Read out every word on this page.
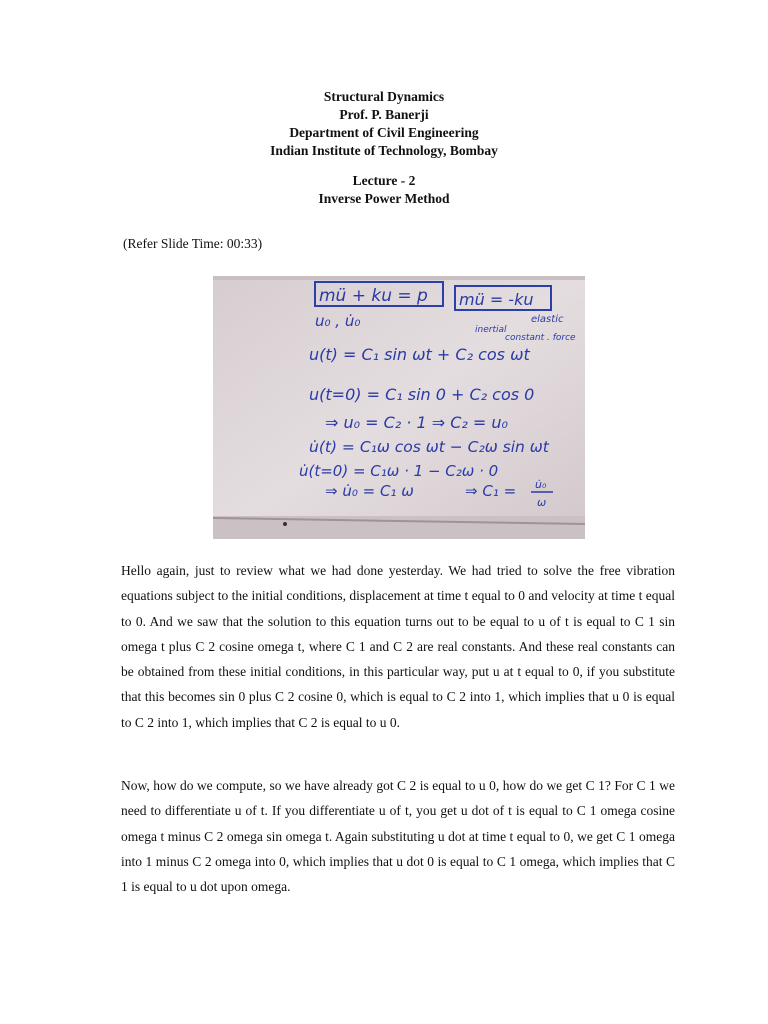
Structural Dynamics
Prof. P. Banerji
Department of Civil Engineering
Indian Institute of Technology, Bombay
Lecture - 2
Inverse Power Method
(Refer Slide Time: 00:33)
mü + ku = p mü = -ku
inertial
elastic
constant . force
u₀ , u̇₀
u(t) = C₁ sin ωt + C₂ cos ωt
u(t=0) = C₁ sin 0 + C₂ cos 0
⇒ u₀ = C₂ · 1 ⇒ C₂ = u₀
u̇(t) = C₁ω cos ωt − C₂ω sin ωt
u̇(t=0) = C₁ω · 1 − C₂ω · 0
⇒ u̇₀ = C₁ ω	⇒ C₁ = u̇₀
ω
Hello again, just to review what we had done yesterday. We had tried to solve the free vibration equations subject to the initial conditions, displacement at time t equal to 0 and velocity at time t equal to 0. And we saw that the solution to this equation turns out to be equal to u of t is equal to C 1 sin omega t plus C 2 cosine omega t, where C 1 and C 2 are real constants. And these real constants can be obtained from these initial conditions, in this particular way, put u at t equal to 0, if you substitute that this becomes sin 0 plus C 2 cosine 0, which is equal to C 2 into 1, which implies that u 0 is equal to C 2 into 1, which implies that C 2 is equal to u 0.
Now, how do we compute, so we have already got C 2 is equal to u 0, how do we get C 1? For C 1 we need to differentiate u of t. If you differentiate u of t, you get u dot of t is equal to C 1 omega cosine omega t minus C 2 omega sin omega t. Again substituting u dot at time t equal to 0, we get C 1 omega into 1 minus C 2 omega into 0, which implies that u dot 0 is equal to C 1 omega, which implies that C 1 is equal to u dot upon omega.
